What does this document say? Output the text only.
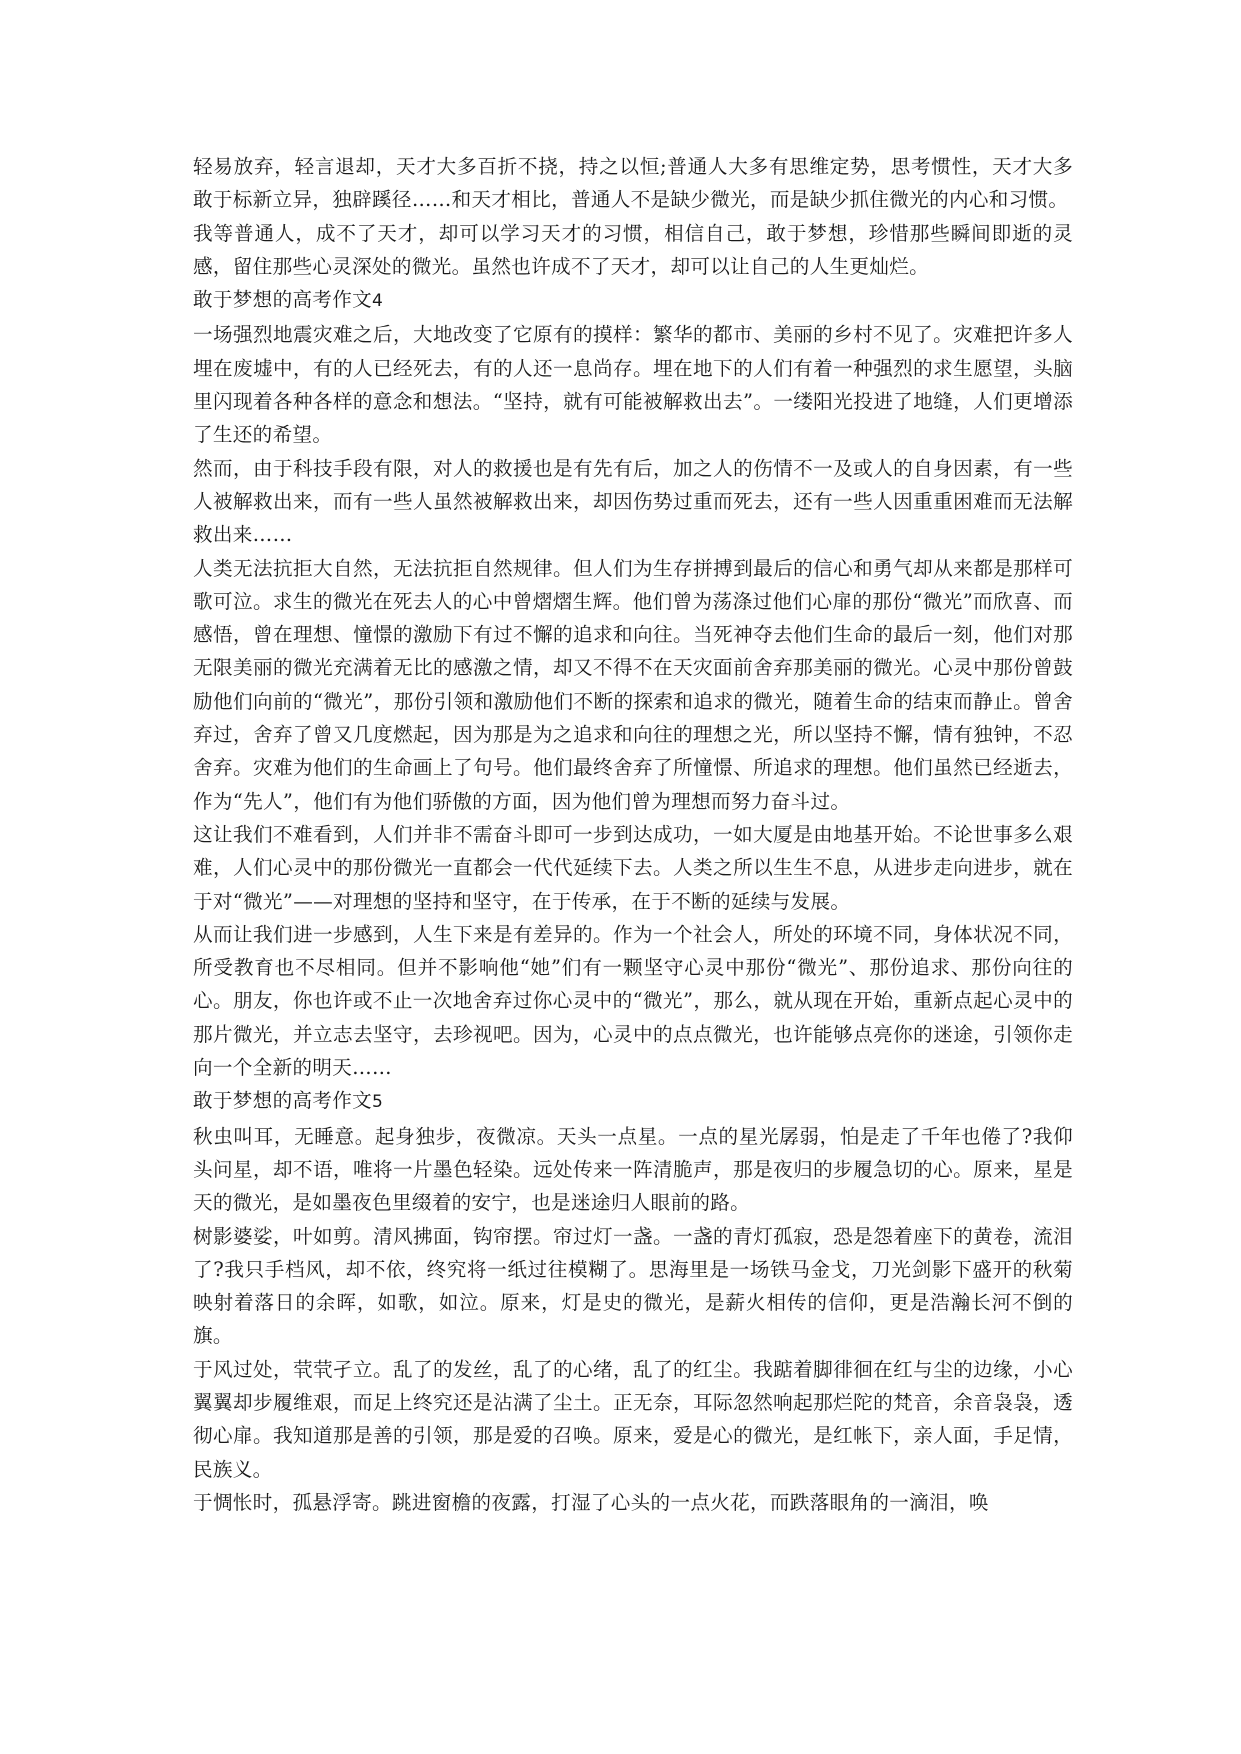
轻易放弃，轻言退却，天才大多百折不挠，持之以恒;普通人大多有思维定势，思考惯性，天才大多敢于标新立异，独辟蹊径……和天才相比，普通人不是缺少微光，而是缺少抓住微光的内心和习惯。

我等普通人，成不了天才，却可以学习天才的习惯，相信自己，敢于梦想，珍惜那些瞬间即逝的灵感，留住那些心灵深处的微光。虽然也许成不了天才，却可以让自己的人生更灿烂。

敢于梦想的高考作文4

一场强烈地震灾难之后，大地改变了它原有的摸样：繁华的都市、美丽的乡村不见了。灾难把许多人埋在废墟中，有的人已经死去，有的人还一息尚存。埋在地下的人们有着一种强烈的求生愿望，头脑里闪现着各种各样的意念和想法。“坚持，就有可能被解救出去”。一缕阳光投进了地缝，人们更增添了生还的希望。

然而，由于科技手段有限，对人的救援也是有先有后，加之人的伤情不一及或人的自身因素，有一些人被解救出来，而有一些人虽然被解救出来，却因伤势过重而死去，还有一些人因重重困难而无法解救出来……

人类无法抗拒大自然，无法抗拒自然规律。但人们为生存拼搏到最后的信心和勇气却从来都是那样可歌可泣。求生的微光在死去人的心中曾熠熠生辉。他们曾为荡涤过他们心扉的那份“微光”而欣喜、而感悟，曾在理想、憧憬的激励下有过不懈的追求和向往。当死神夺去他们生命的最后一刻，他们对那无限美丽的微光充满着无比的感激之情，却又不得不在天灾面前舍弃那美丽的微光。心灵中那份曾鼓励他们向前的“微光”，那份引领和激励他们不断的探索和追求的微光，随着生命的结束而静止。曾舍弃过，舍弃了曾又几度燃起，因为那是为之追求和向往的理想之光，所以坚持不懈，情有独钟，不忍舍弃。灾难为他们的生命画上了句号。他们最终舍弃了所憧憬、所追求的理想。他们虽然已经逝去，作为“先人”，他们有为他们骄傲的方面，因为他们曾为理想而努力奋斗过。

这让我们不难看到，人们并非不需奋斗即可一步到达成功，一如大厦是由地基开始。不论世事多么艰难，人们心灵中的那份微光一直都会一代代延续下去。人类之所以生生不息，从进步走向进步，就在于对“微光”——对理想的坚持和坚守，在于传承，在于不断的延续与发展。

从而让我们进一步感到，人生下来是有差异的。作为一个社会人，所处的环境不同，身体状况不同，所受教育也不尽相同。但并不影响他“她”们有一颗坚守心灵中那份“微光”、那份追求、那份向往的心。朋友，你也许或不止一次地舍弃过你心灵中的“微光”，那么，就从现在开始，重新点起心灵中的那片微光，并立志去坚守，去珍视吧。因为，心灵中的点点微光，也许能够点亮你的迷途，引领你走向一个全新的明天……

敢于梦想的高考作文5

秋虫叫耳，无睡意。起身独步，夜微凉。天头一点星。一点的星光孱弱，怕是走了千年也倦了?我仰头问星，却不语，唯将一片墨色轻染。远处传来一阵清脆声，那是夜归的步履急切的心。原来，星是天的微光，是如墨夜色里缀着的安宁，也是迷途归人眼前的路。

树影婆娑，叶如剪。清风拂面，钩帘摆。帘过灯一盏。一盏的青灯孤寂，恐是怨着座下的黄卷，流泪了?我只手档风，却不依，终究将一纸过往模糊了。思海里是一场铁马金戈，刀光剑影下盛开的秋菊映射着落日的余晖，如歌，如泣。原来，灯是史的微光，是薪火相传的信仰，更是浩瀚长河不倒的旗。

于风过处，茕茕孑立。乱了的发丝，乱了的心绪，乱了的红尘。我踮着脚徘徊在红与尘的边缘，小心翼翼却步履维艰，而足上终究还是沾满了尘土。正无奈，耳际忽然响起那烂陀的梵音，余音袅袅，透彻心扉。我知道那是善的引领，那是爱的召唤。原来，爱是心的微光，是红帐下，亲人面，手足情，民族义。

于惆怅时，孤悬浮寄。跳进窗檐的夜露，打湿了心头的一点火花，而跌落眼角的一滴泪，唤
